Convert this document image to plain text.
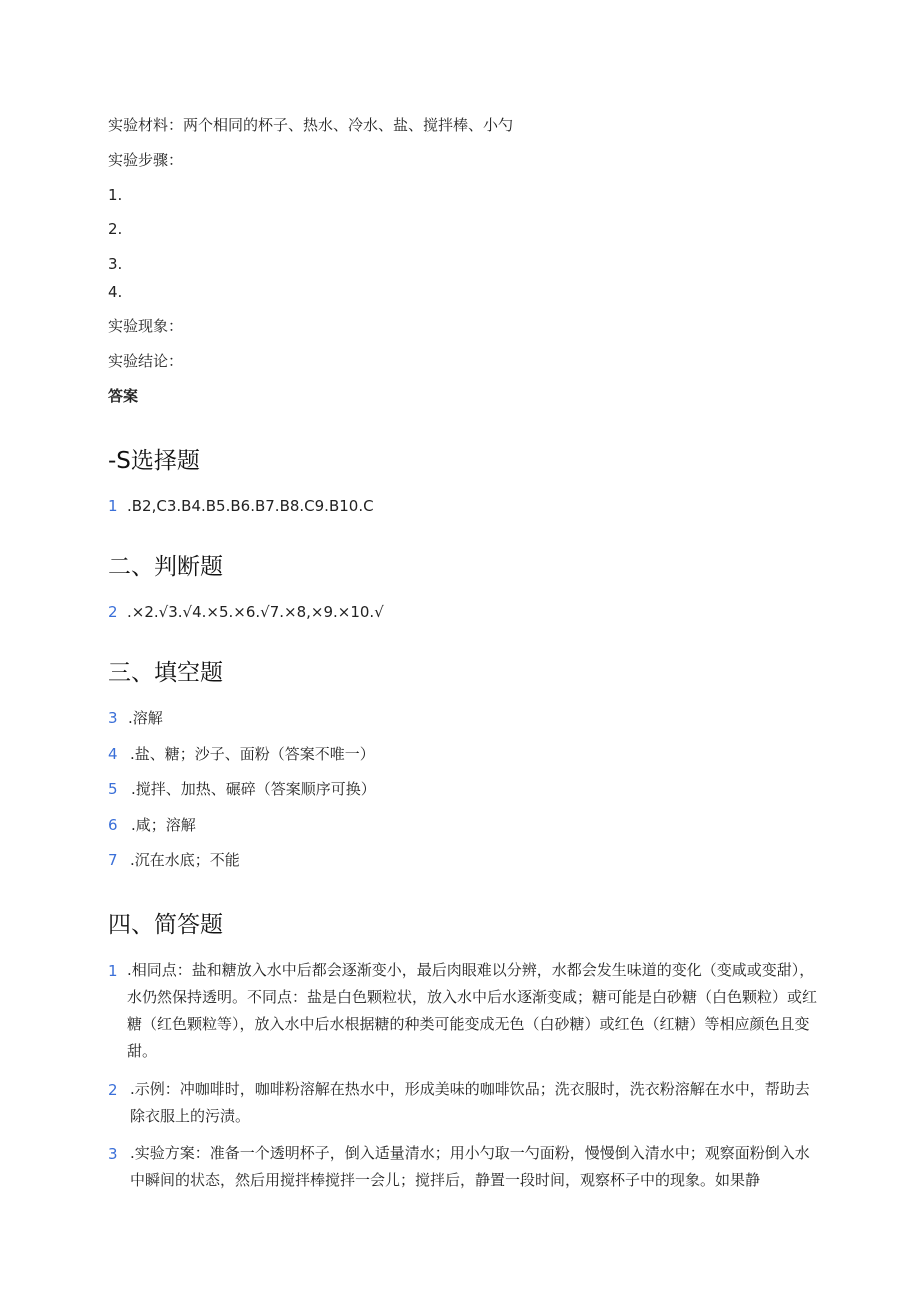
实验材料：两个相同的杯子、热水、冷水、盐、搅拌棒、小勺
实验步骤：
1.
2.
3.
4.
实验现象：
实验结论：
答案
-S选择题
1 .B2,C3.B4.B5.B6.B7.B8.C9.B10.C
二、判断题
2 .×2.√3.√4.×5.×6.√7.×8,×9.×10.√
三、填空题
3 .溶解
4 .盐、糖；沙子、面粉（答案不唯一）
5 .搅拌、加热、碾碎（答案顺序可换）
6 .咸；溶解
7 .沉在水底；不能
四、简答题
1 .相同点：盐和糖放入水中后都会逐渐变小，最后肉眼难以分辨，水都会发生味道的变化（变咸或变甜），水仍然保持透明。不同点：盐是白色颗粒状，放入水中后水逐渐变咸；糖可能是白砂糖（白色颗粒）或红糖（红色颗粒等），放入水中后水根据糖的种类可能变成无色（白砂糖）或红色（红糖）等相应颜色且变甜。
2 .示例：冲咖啡时，咖啡粉溶解在热水中，形成美味的咖啡饮品；洗衣服时，洗衣粉溶解在水中，帮助去除衣服上的污渍。
3 .实验方案：准备一个透明杯子，倒入适量清水；用小勺取一勺面粉，慢慢倒入清水中；观察面粉倒入水中瞬间的状态，然后用搅拌棒搅拌一会儿；搅拌后，静置一段时间，观察杯子中的现象。如果静
